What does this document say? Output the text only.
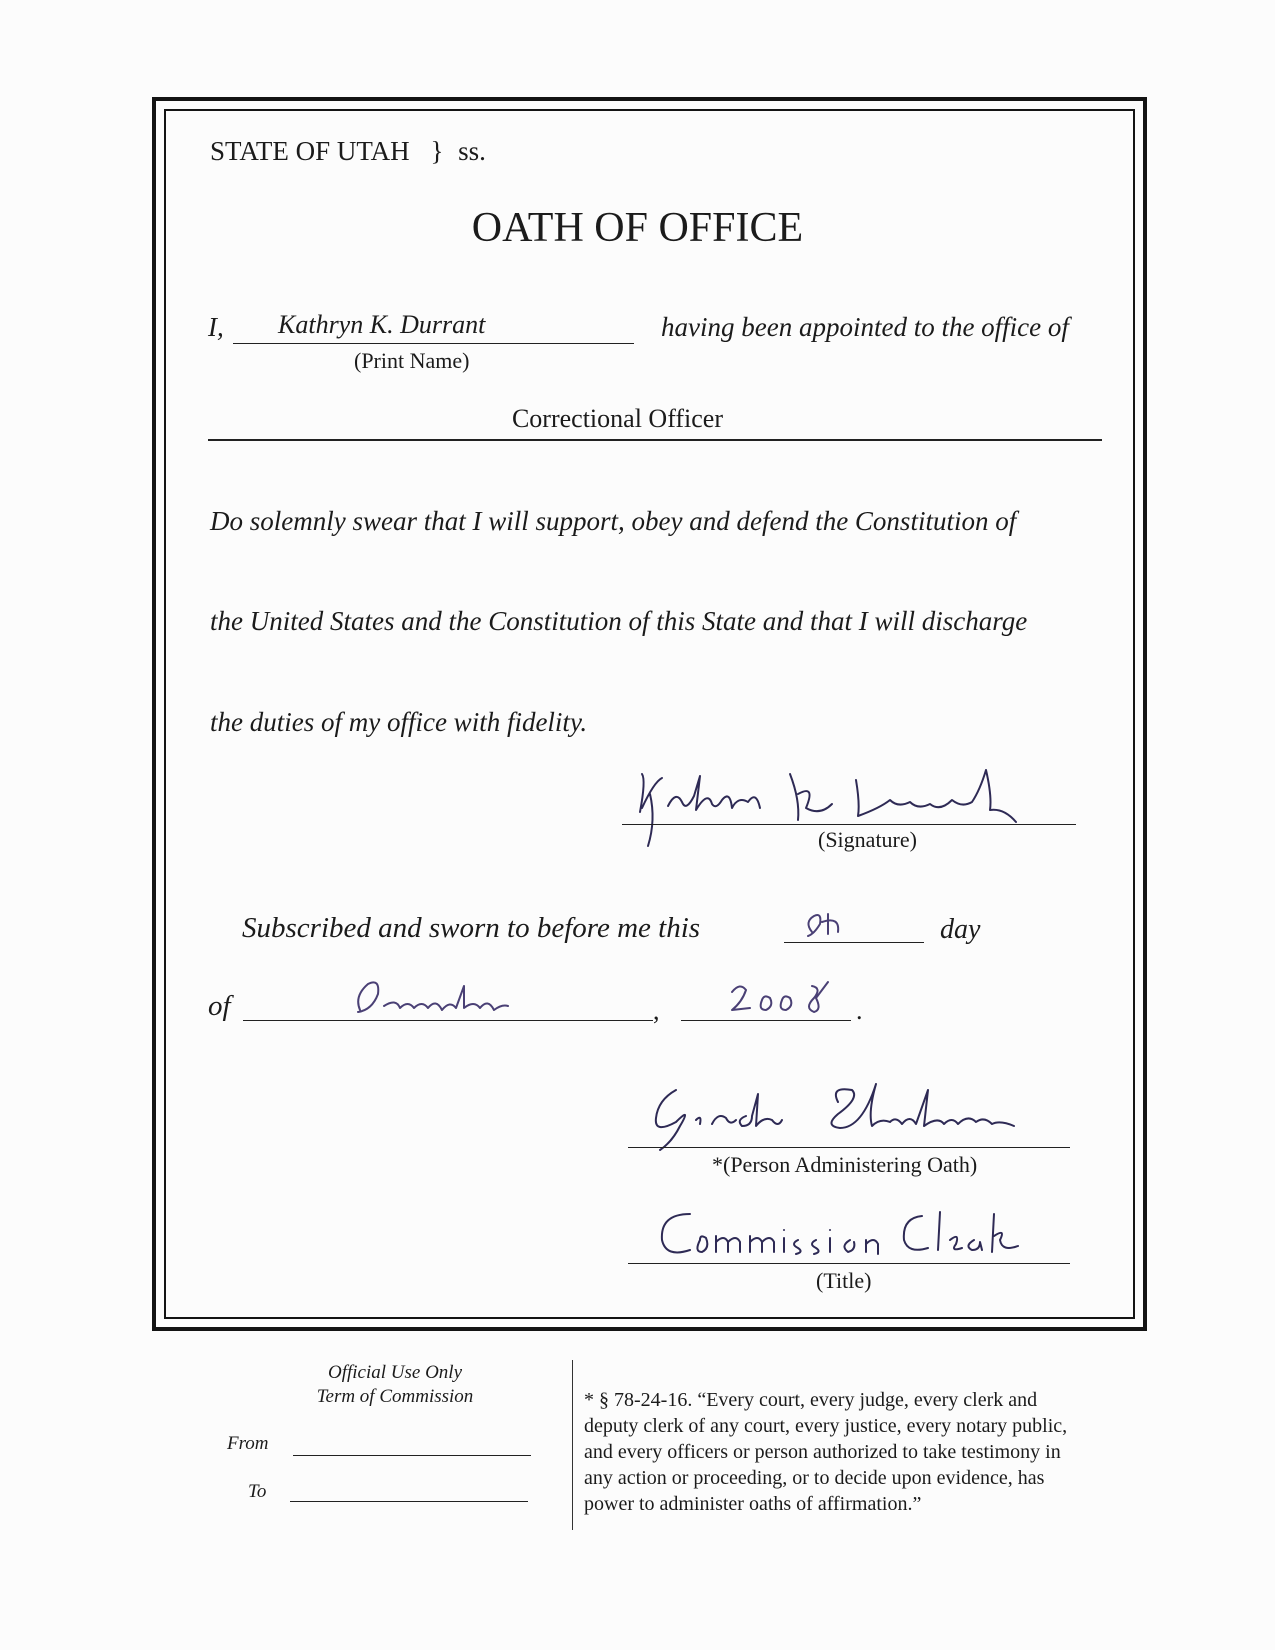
STATE OF UTAH } ss.
OATH OF OFFICE
I, Kathryn K. Durrant
(Print Name)
having been appointed to the office of
Correctional Officer
Do solemnly swear that I will support, obey and defend the Constitution of
the United States and the Constitution of this State and that I will discharge
the duties of my office with fidelity.
(Signature)
Subscribed and sworn to before me this	day
of	,	.
*(Person Administering Oath)
(Title)
Official Use Only
Term of Commission
From
To
* § 78-24-16. “Every court, every judge, every clerk and
deputy clerk of any court, every justice, every notary public,
and every officers or person authorized to take testimony in
any action or proceeding, or to decide upon evidence, has
power to administer oaths of affirmation.”
